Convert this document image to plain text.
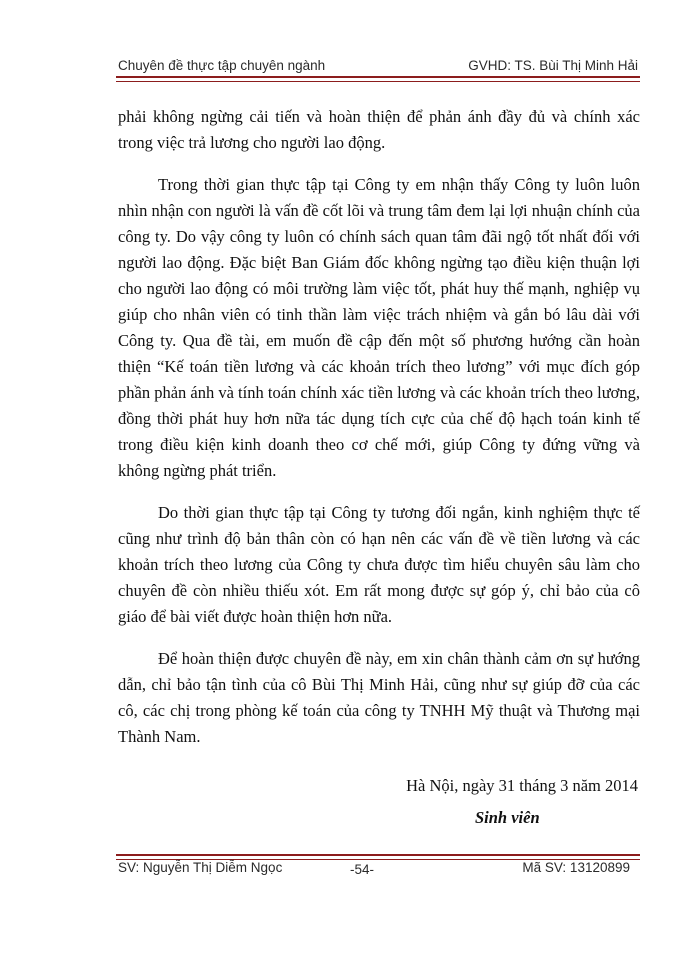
Chuyên đề thực tập chuyên ngành	GVHD: TS. Bùi Thị Minh Hải

phải không ngừng cải tiến và hoàn thiện để phản ánh đầy đủ và chính xác trong việc trả lương cho người lao động.

Trong thời gian thực tập tại Công ty em nhận thấy Công ty luôn luôn nhìn nhận con người là vấn đề cốt lõi và trung tâm đem lại lợi nhuận chính của công ty. Do vậy công ty luôn có chính sách quan tâm đãi ngộ tốt nhất đối với người lao động. Đặc biệt Ban Giám đốc không ngừng tạo điều kiện thuận lợi cho người lao động có môi trường làm việc tốt, phát huy thế mạnh, nghiệp vụ giúp cho nhân viên có tinh thần làm việc trách nhiệm và gắn bó lâu dài với Công ty. Qua đề tài, em muốn đề cập đến một số phương hướng cần hoàn thiện “Kế toán tiền lương và các khoản trích theo lương” với mục đích góp phần phản ánh và tính toán chính xác tiền lương và các khoản trích theo lương, đồng thời phát huy hơn nữa tác dụng tích cực của chế độ hạch toán kinh tế trong điều kiện kinh doanh theo cơ chế mới, giúp Công ty đứng vững và không ngừng phát triển.

Do thời gian thực tập tại Công ty tương đối ngắn, kinh nghiệm thực tế cũng như trình độ bản thân còn có hạn nên các vấn đề về tiền lương và các khoản trích theo lương của Công ty chưa được tìm hiểu chuyên sâu làm cho chuyên đề còn nhiều thiếu xót. Em rất mong được sự góp ý, chỉ bảo của cô giáo để bài viết được hoàn thiện hơn nữa.

Để hoàn thiện được chuyên đề này, em xin chân thành cảm ơn sự hướng dẫn, chỉ bảo tận tình của cô Bùi Thị Minh Hải, cũng như sự giúp đỡ của các cô, các chị trong phòng kế toán của công ty TNHH Mỹ thuật và Thương mại Thành Nam.

Hà Nội, ngày 31 tháng 3 năm 2014
Sinh viên
SV: Nguyễn Thị Diễm Ngọc	-54-	Mã SV: 13120899
